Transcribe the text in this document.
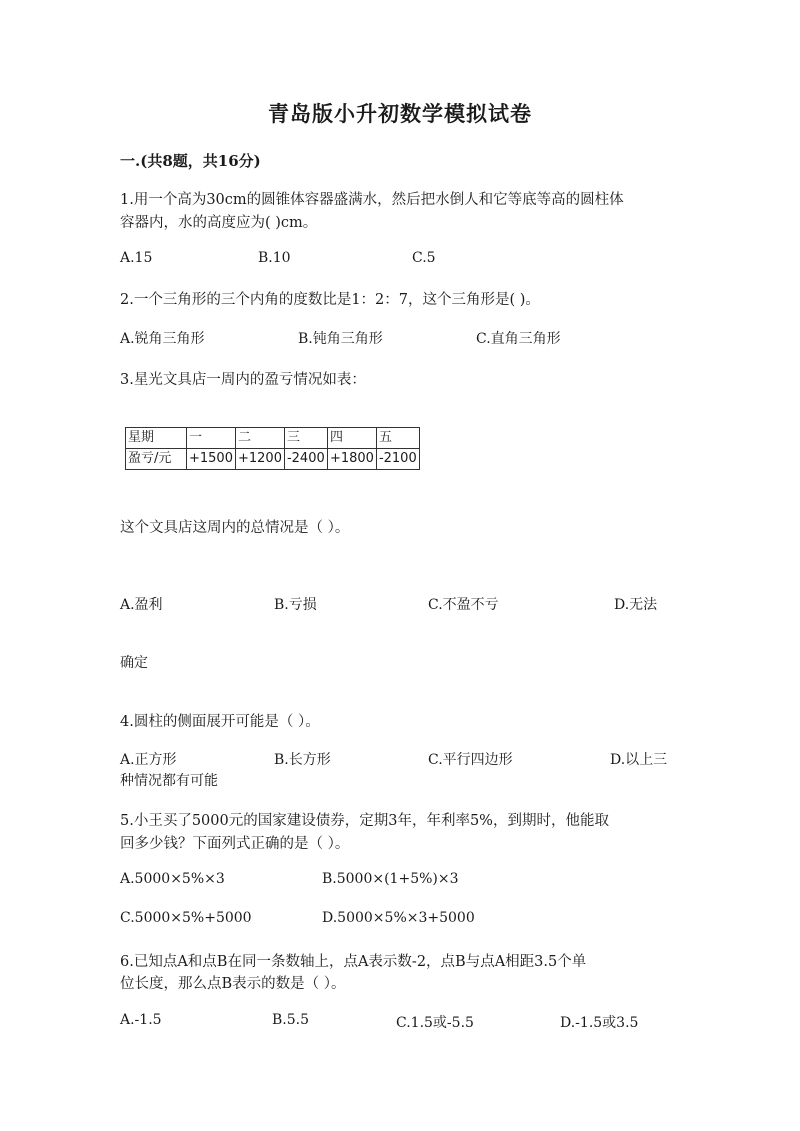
青岛版小升初数学模拟试卷
一.(共8题，共16分)
1.用一个高为30cm的圆锥体容器盛满水，然后把水倒人和它等底等高的圆柱体
容器内，水的高度应为( )cm。
A.15	B.10	C.5
2.一个三角形的三个内角的度数比是1：2：7，这个三角形是( )。
A.锐角三角形	B.钝角三角形	C.直角三角形
3.星光文具店一周内的盈亏情况如表：
星期	一	二	三	四	五
盈亏/元	+1500	+1200	-2400	+1800	-2100
这个文具店这周内的总情况是（ ）。
A.盈利	B.亏损	C.不盈不亏	D.无法
确定
4.圆柱的侧面展开可能是（ ）。
A.正方形	B.长方形	C.平行四边形	D.以上三
种情况都有可能
5.小王买了5000元的国家建设债券，定期3年，年利率5%，到期时，他能取
回多少钱？下面列式正确的是（ ）。
A.5000×5%×3	B.5000×(1+5%)×3
C.5000×5%+5000	D.5000×5%×3+5000
6.已知点A和点B在同一条数轴上，点A表示数-2，点B与点A相距3.5个单
位长度，那么点B表示的数是（ ）。
A.-1.5	B.5.5	C.1.5或-5.5	D.-1.5或3.5
